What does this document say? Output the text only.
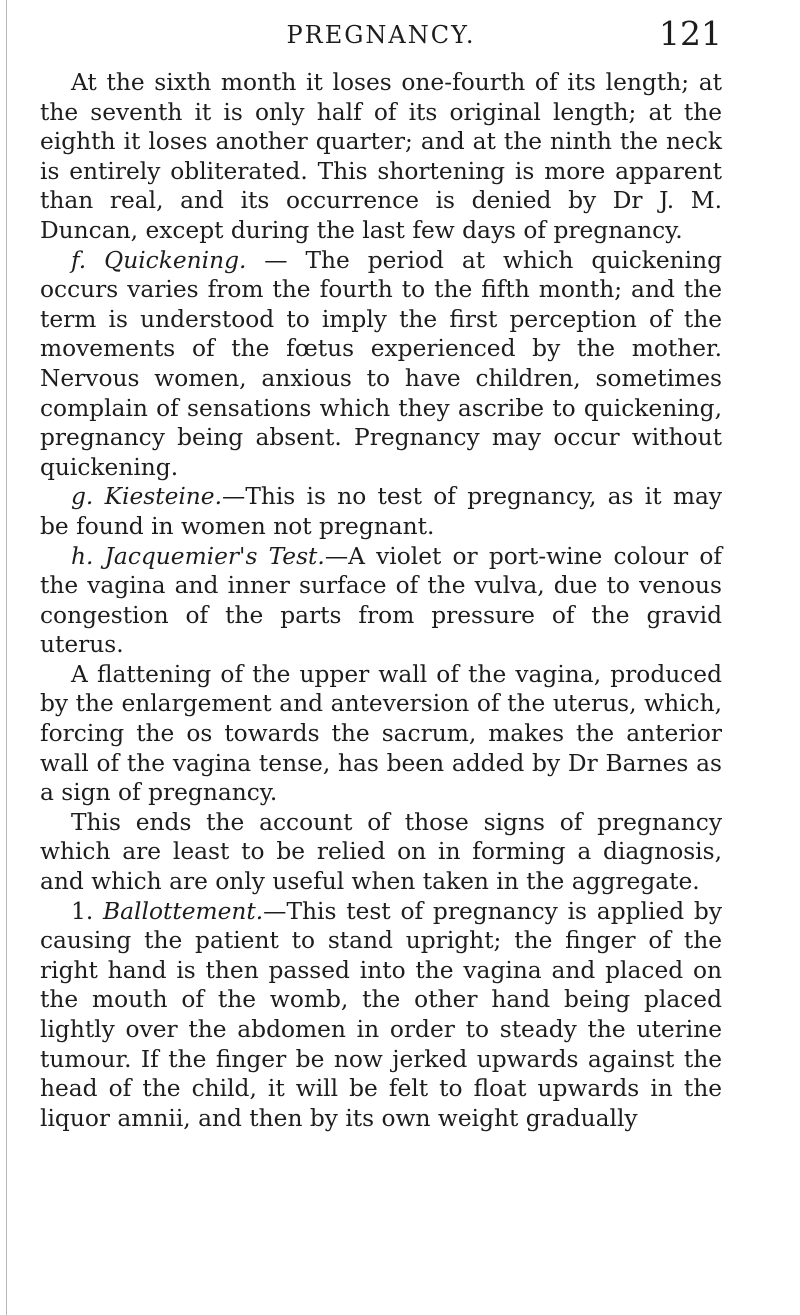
PREGNANCY.	121

At the sixth month it loses one-fourth of its length; at the seventh it is only half of its original length; at the eighth it loses another quarter; and at the ninth the neck is entirely obliterated. This shortening is more apparent than real, and its occurrence is denied by Dr J. M. Duncan, except during the last few days of pregnancy.

f. Quickening. — The period at which quickening occurs varies from the fourth to the fifth month; and the term is understood to imply the first perception of the movements of the fœtus experienced by the mother. Nervous women, anxious to have children, sometimes complain of sensations which they ascribe to quickening, pregnancy being absent. Pregnancy may occur without quickening.

g. Kiesteine.—This is no test of pregnancy, as it may be found in women not pregnant.

h. Jacquemier's Test.—A violet or port-wine colour of the vagina and inner surface of the vulva, due to venous congestion of the parts from pressure of the gravid uterus.

A flattening of the upper wall of the vagina, produced by the enlargement and anteversion of the uterus, which, forcing the os towards the sacrum, makes the anterior wall of the vagina tense, has been added by Dr Barnes as a sign of pregnancy.

This ends the account of those signs of pregnancy which are least to be relied on in forming a diagnosis, and which are only useful when taken in the aggregate.

1. Ballottement.—This test of pregnancy is applied by causing the patient to stand upright; the finger of the right hand is then passed into the vagina and placed on the mouth of the womb, the other hand being placed lightly over the abdomen in order to steady the uterine tumour. If the finger be now jerked upwards against the head of the child, it will be felt to float upwards in the liquor amnii, and then by its own weight gradually
